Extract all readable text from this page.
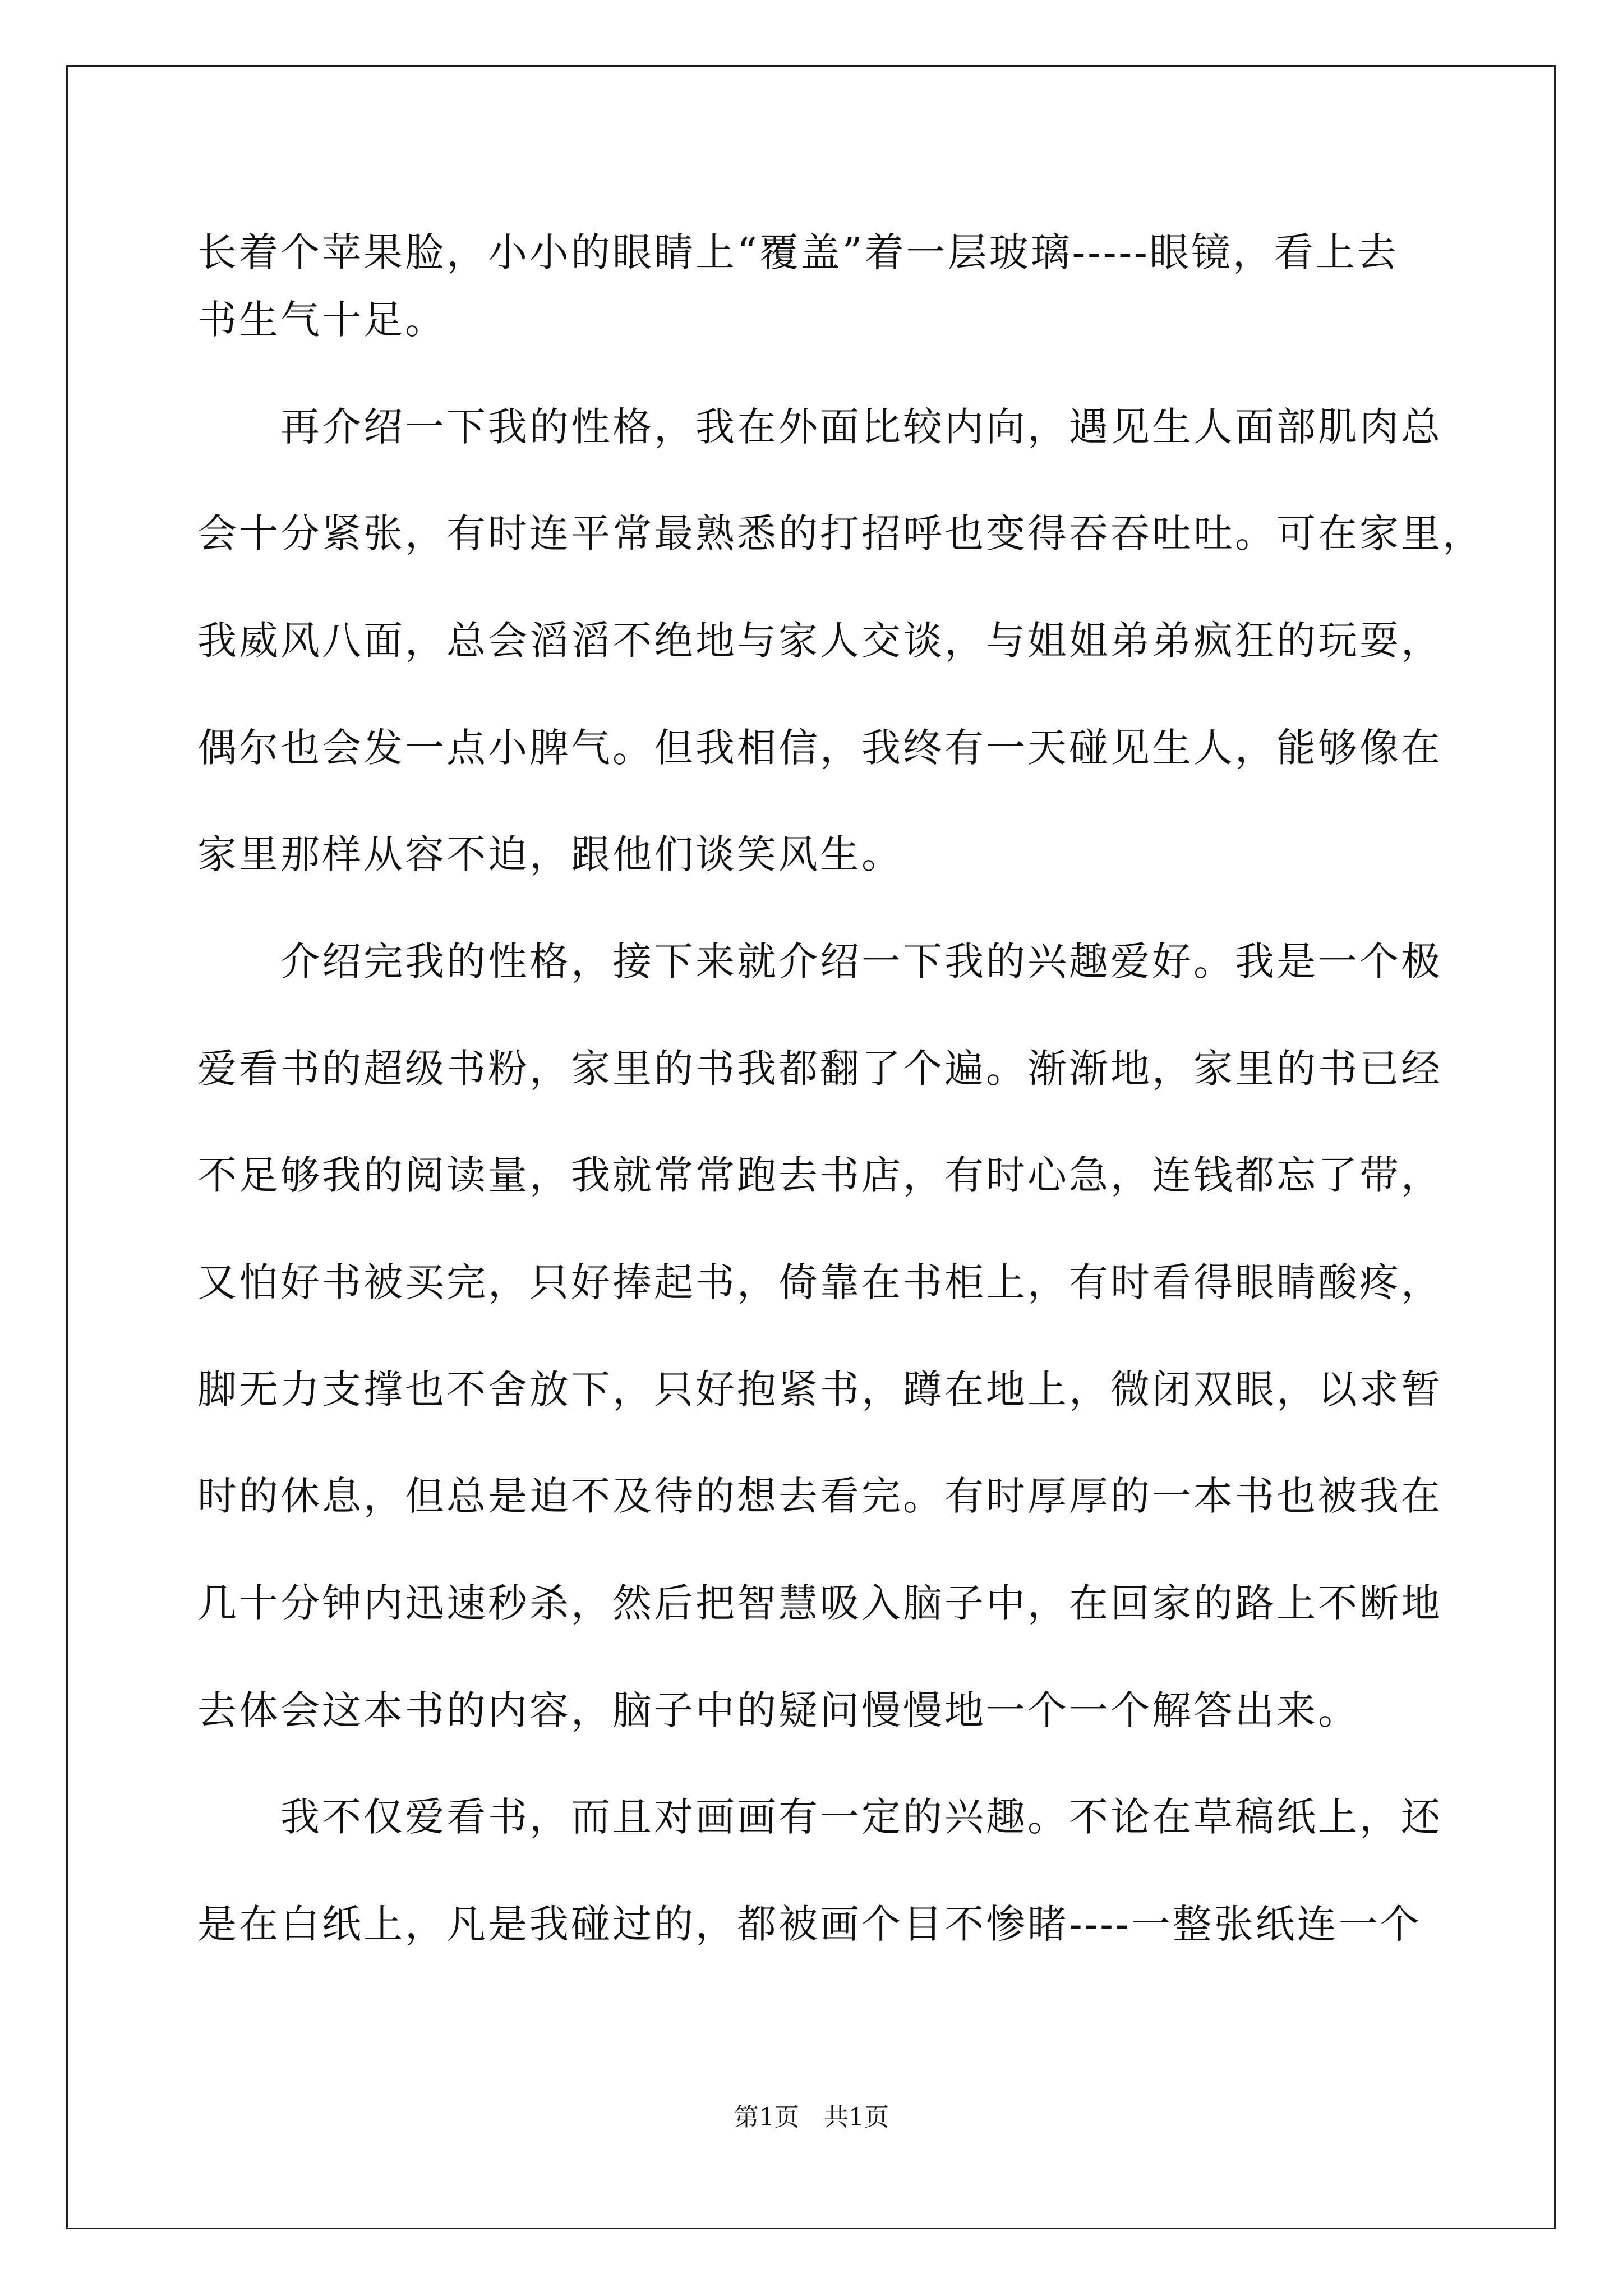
长着个苹果脸，小小的眼睛上“覆盖”着一层玻璃-----眼镜，看上去
书生气十足。
　　再介绍一下我的性格，我在外面比较内向，遇见生人面部肌肉总
会十分紧张，有时连平常最熟悉的打招呼也变得吞吞吐吐。可在家里，
我威风八面，总会滔滔不绝地与家人交谈，与姐姐弟弟疯狂的玩耍，
偶尔也会发一点小脾气。但我相信，我终有一天碰见生人，能够像在
家里那样从容不迫，跟他们谈笑风生。
　　介绍完我的性格，接下来就介绍一下我的兴趣爱好。我是一个极
爱看书的超级书粉，家里的书我都翻了个遍。渐渐地，家里的书已经
不足够我的阅读量，我就常常跑去书店，有时心急，连钱都忘了带，
又怕好书被买完，只好捧起书，倚靠在书柜上，有时看得眼睛酸疼，
脚无力支撑也不舍放下，只好抱紧书，蹲在地上，微闭双眼，以求暂
时的休息，但总是迫不及待的想去看完。有时厚厚的一本书也被我在
几十分钟内迅速秒杀，然后把智慧吸入脑子中，在回家的路上不断地
去体会这本书的内容，脑子中的疑问慢慢地一个一个解答出来。
　　我不仅爱看书，而且对画画有一定的兴趣。不论在草稿纸上，还
是在白纸上，凡是我碰过的，都被画个目不惨睹----一整张纸连一个
第1页　共1页
